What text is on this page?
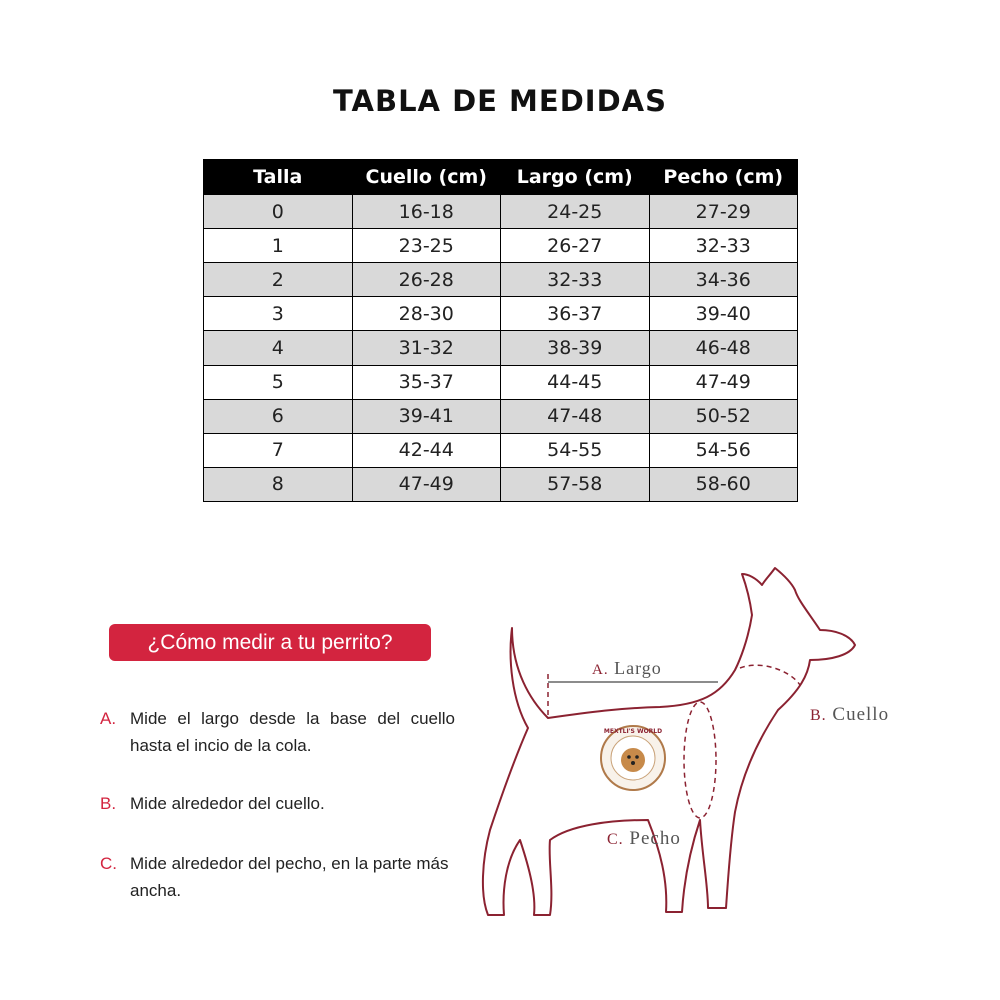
TABLA DE MEDIDAS
Talla	Cuello (cm)	Largo (cm)	Pecho (cm)
0	16-18	24-25	27-29
1	23-25	26-27	32-33
2	26-28	32-33	34-36
3	28-30	36-37	39-40
4	31-32	38-39	46-48
5	35-37	44-45	47-49
6	39-41	47-48	50-52
7	42-44	54-55	54-56
8	47-49	57-58	58-60
¿Cómo medir a tu perrito?
A. Mide el largo desde la base del cuello hasta el incio de la cola.
B. Mide alrededor del cuello.
C. Mide alrededor del pecho, en la parte más ancha.
MEXTLI'S WORLD
A. Largo
B. Cuello
C. Pecho
